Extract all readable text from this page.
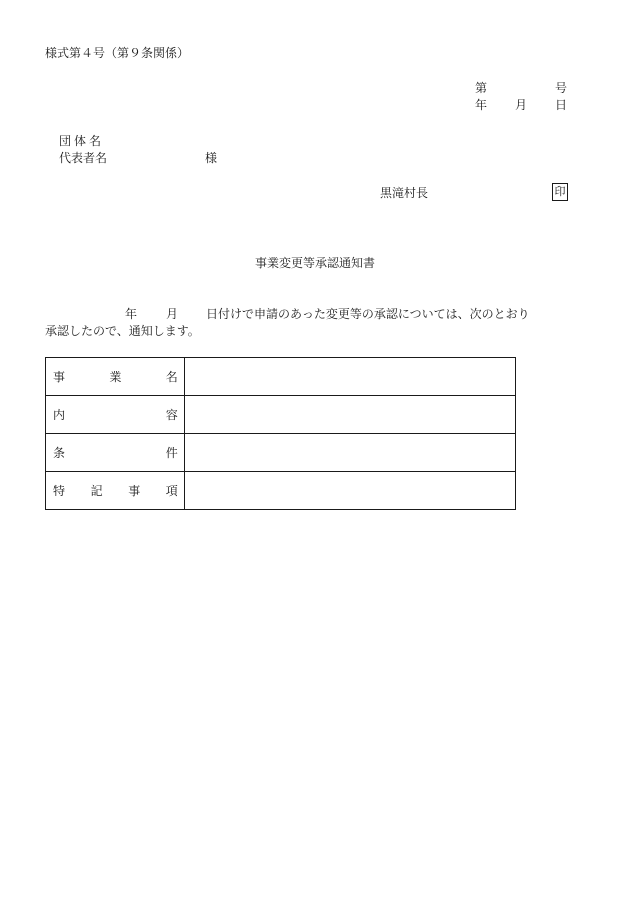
様式第４号（第９条関係）
第	号
年 月 日
団体名
代表者名	様
黒滝村長	印
事業変更等承認通知書
年 月 日付けで申請のあった変更等の承認については、次のとおり
承認したので、通知します。
事 業 名	

内 容	

条 件	

特 記 事 項	
